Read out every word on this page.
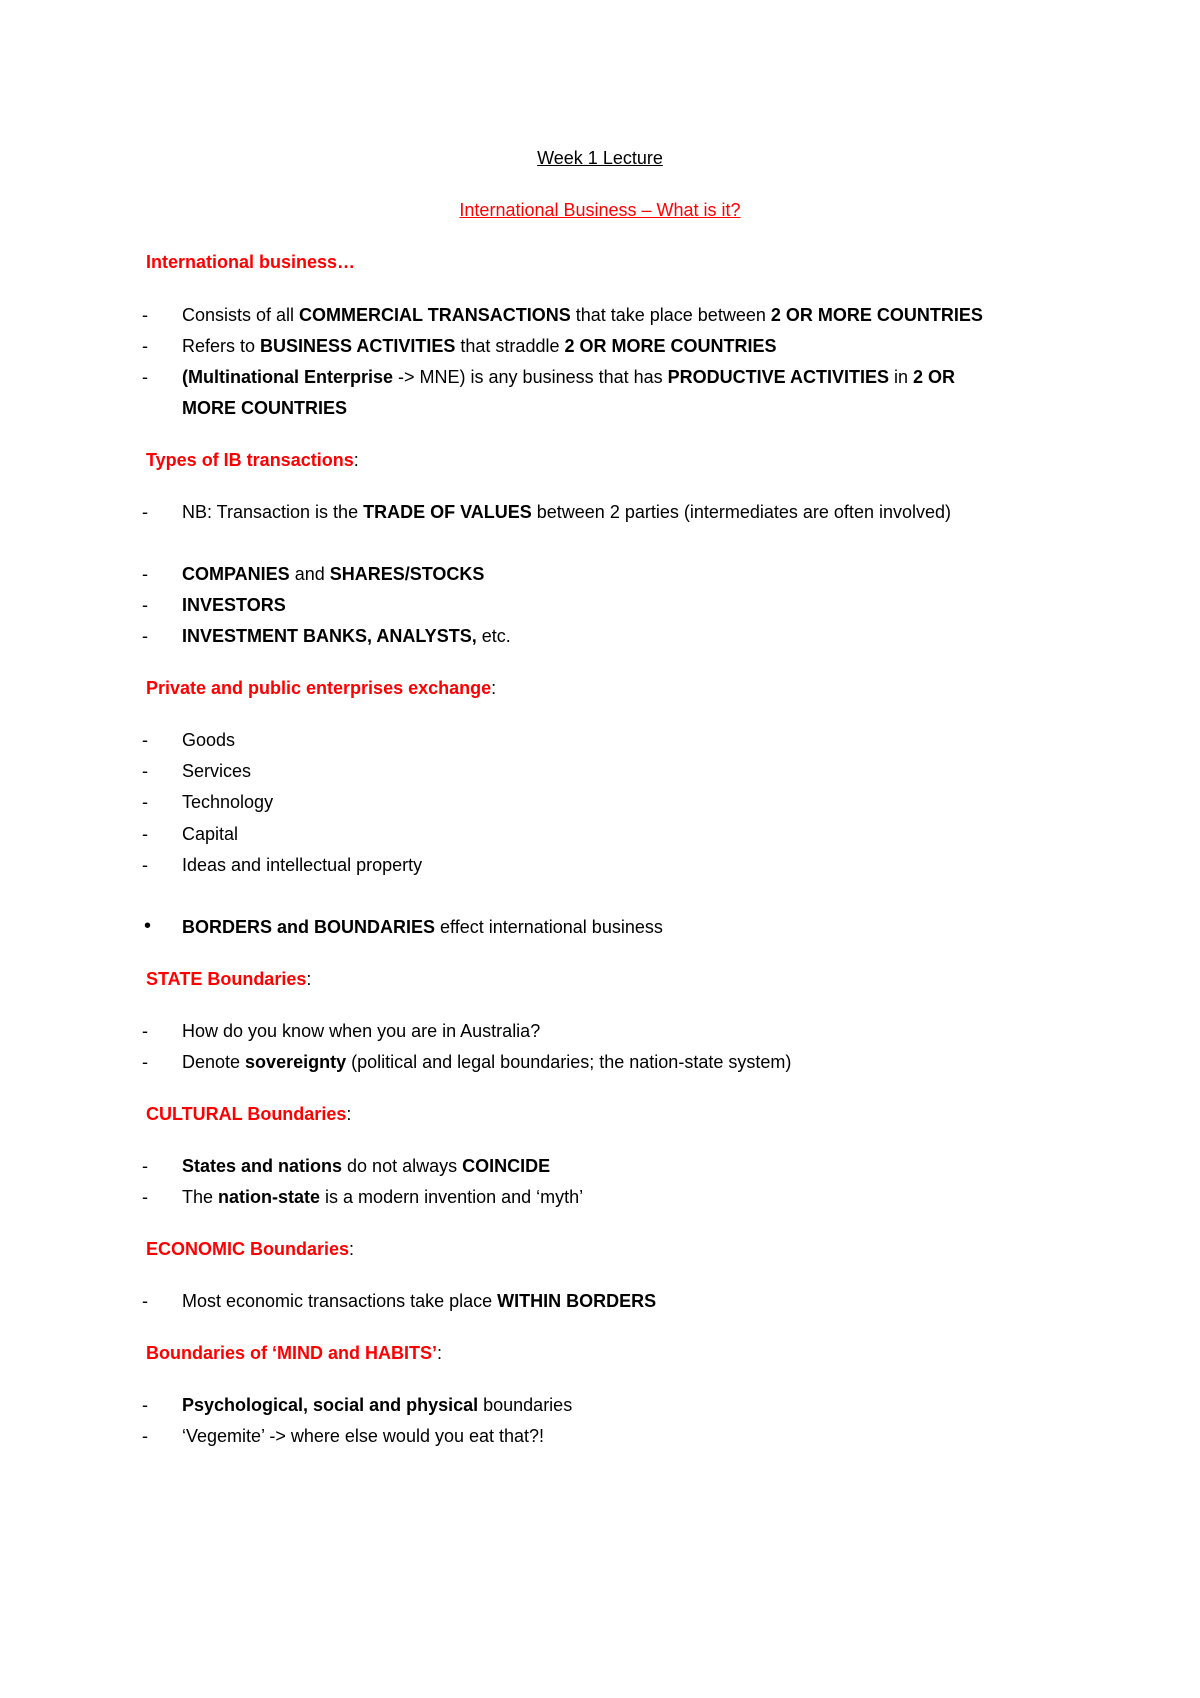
Week 1 Lecture
International Business – What is it?
International business…
- Consists of all COMMERCIAL TRANSACTIONS that take place between 2 OR MORE COUNTRIES
- Refers to BUSINESS ACTIVITIES that straddle 2 OR MORE COUNTRIES
- (Multinational Enterprise -> MNE) is any business that has PRODUCTIVE ACTIVITIES in 2 OR
MORE COUNTRIES
Types of IB transactions:
- NB: Transaction is the TRADE OF VALUES between 2 parties (intermediates are often involved)
- COMPANIES and SHARES/STOCKS
- INVESTORS
- INVESTMENT BANKS, ANALYSTS, etc.
Private and public enterprises exchange:
- Goods
- Services
- Technology
- Capital
- Ideas and intellectual property
• BORDERS and BOUNDARIES effect international business
STATE Boundaries:
- How do you know when you are in Australia?
- Denote sovereignty (political and legal boundaries; the nation-state system)
CULTURAL Boundaries:
- States and nations do not always COINCIDE
- The nation-state is a modern invention and ‘myth’
ECONOMIC Boundaries:
- Most economic transactions take place WITHIN BORDERS
Boundaries of ‘MIND and HABITS’:
- Psychological, social and physical boundaries
- ‘Vegemite’ -> where else would you eat that?!
